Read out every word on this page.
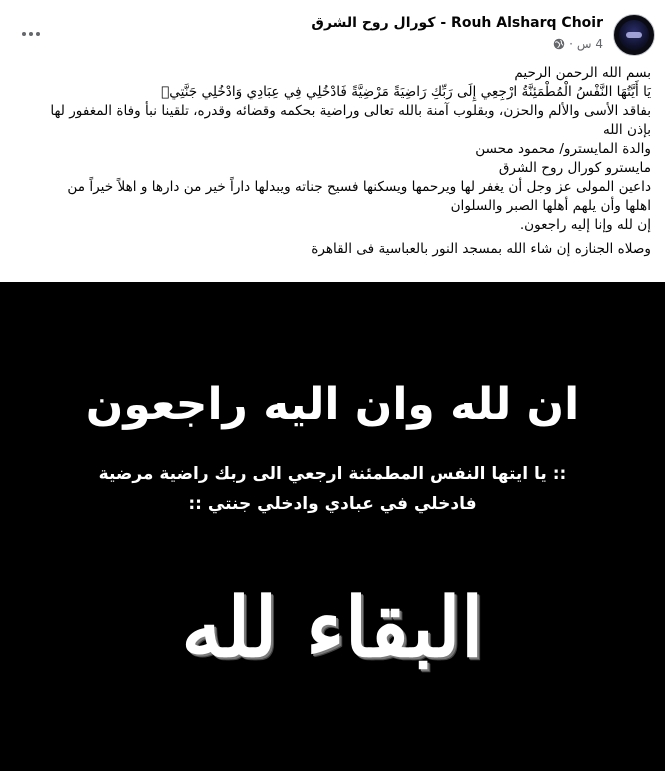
كورال روح الشرق - Rouh Alsharq Choir
4 س
·

بسم الله الرحمن الرحيم

يَا أَيَّتُهَا النَّفْسُ الْمُطْمَئِنَّةُ ارْجِعِي إِلَى رَبِّكِ رَاضِيَةً مَرْضِيَّةً فَادْخُلِي فِي عِبَادِي وَادْخُلِي جَنَّتِي🏻

بفاقد الأسى والألم والحزن، وبقلوب آمنة بالله تعالى وراضية بحكمه وقضائه وقدره، تلقينا نبأ وفاة المغفور لها

بإذن الله

والدة المايسترو/ محمود محسن

مايسترو كورال روح الشرق

داعين المولى عز وجل أن يغفر لها ويرحمها ويسكنها فسيح جناته ويبدلها داراً خير من دارها و اهلاً خيراً من

اهلها وأن يلهم أهلها الصبر والسلوان

إن لله وإنا إليه راجعون.

وصلاه الجنازه إن شاء الله بمسجد النور بالعباسية فى القاهرة

ان لله وان اليه راجعون
:: يا ايتها النفس المطمئنة ارجعي الى ربك راضية مرضية
فادخلي في عبادي وادخلي جنتي ::
البقاء لله
